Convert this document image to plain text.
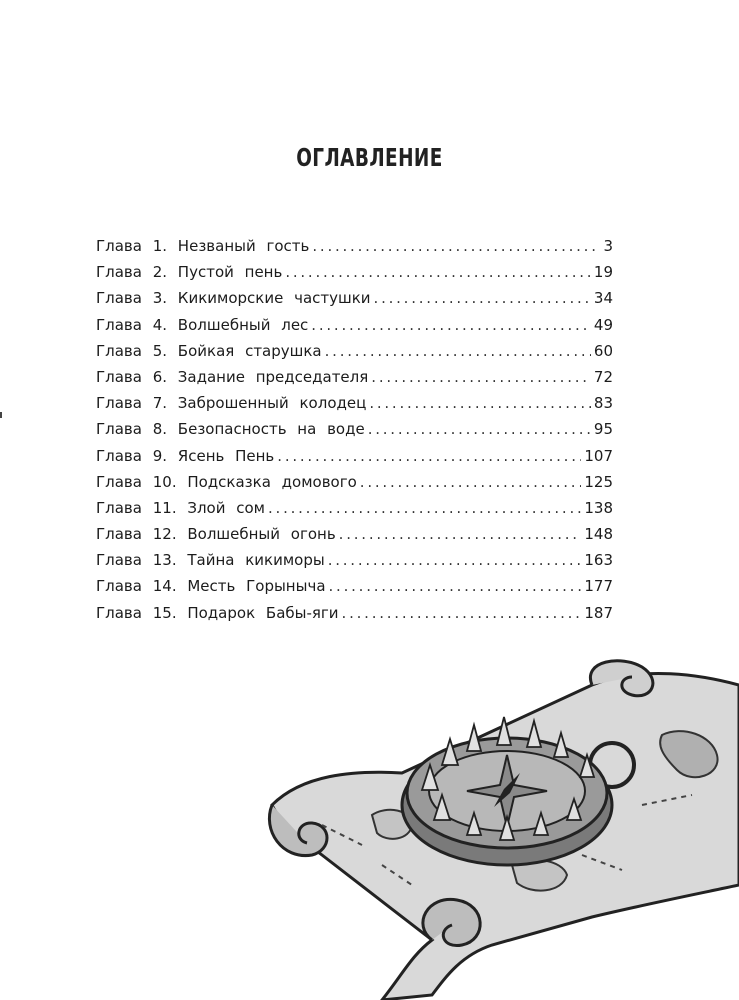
ОГЛАВЛЕНИЕ
Глава 1. Незваный гость . . .	3
Глава 2. Пустой пень . . .	19
Глава 3. Кикиморские частушки . . .	34
Глава 4. Волшебный лес . . .	49
Глава 5. Бойкая старушка . . .	60
Глава 6. Задание председателя . . .	72
Глава 7. Заброшенный колодец . . .	83
Глава 8. Безопасность на воде . . .	95
Глава 9. Ясень Пень . . .	107
Глава 10. Подсказка домового . . .	125
Глава 11. Злой сом . . .	138
Глава 12. Волшебный огонь . . .	148
Глава 13. Тайна кикиморы . . .	163
Глава 14. Месть Горыныча . . .	177
Глава 15. Подарок Бабы-яги . . .	187
